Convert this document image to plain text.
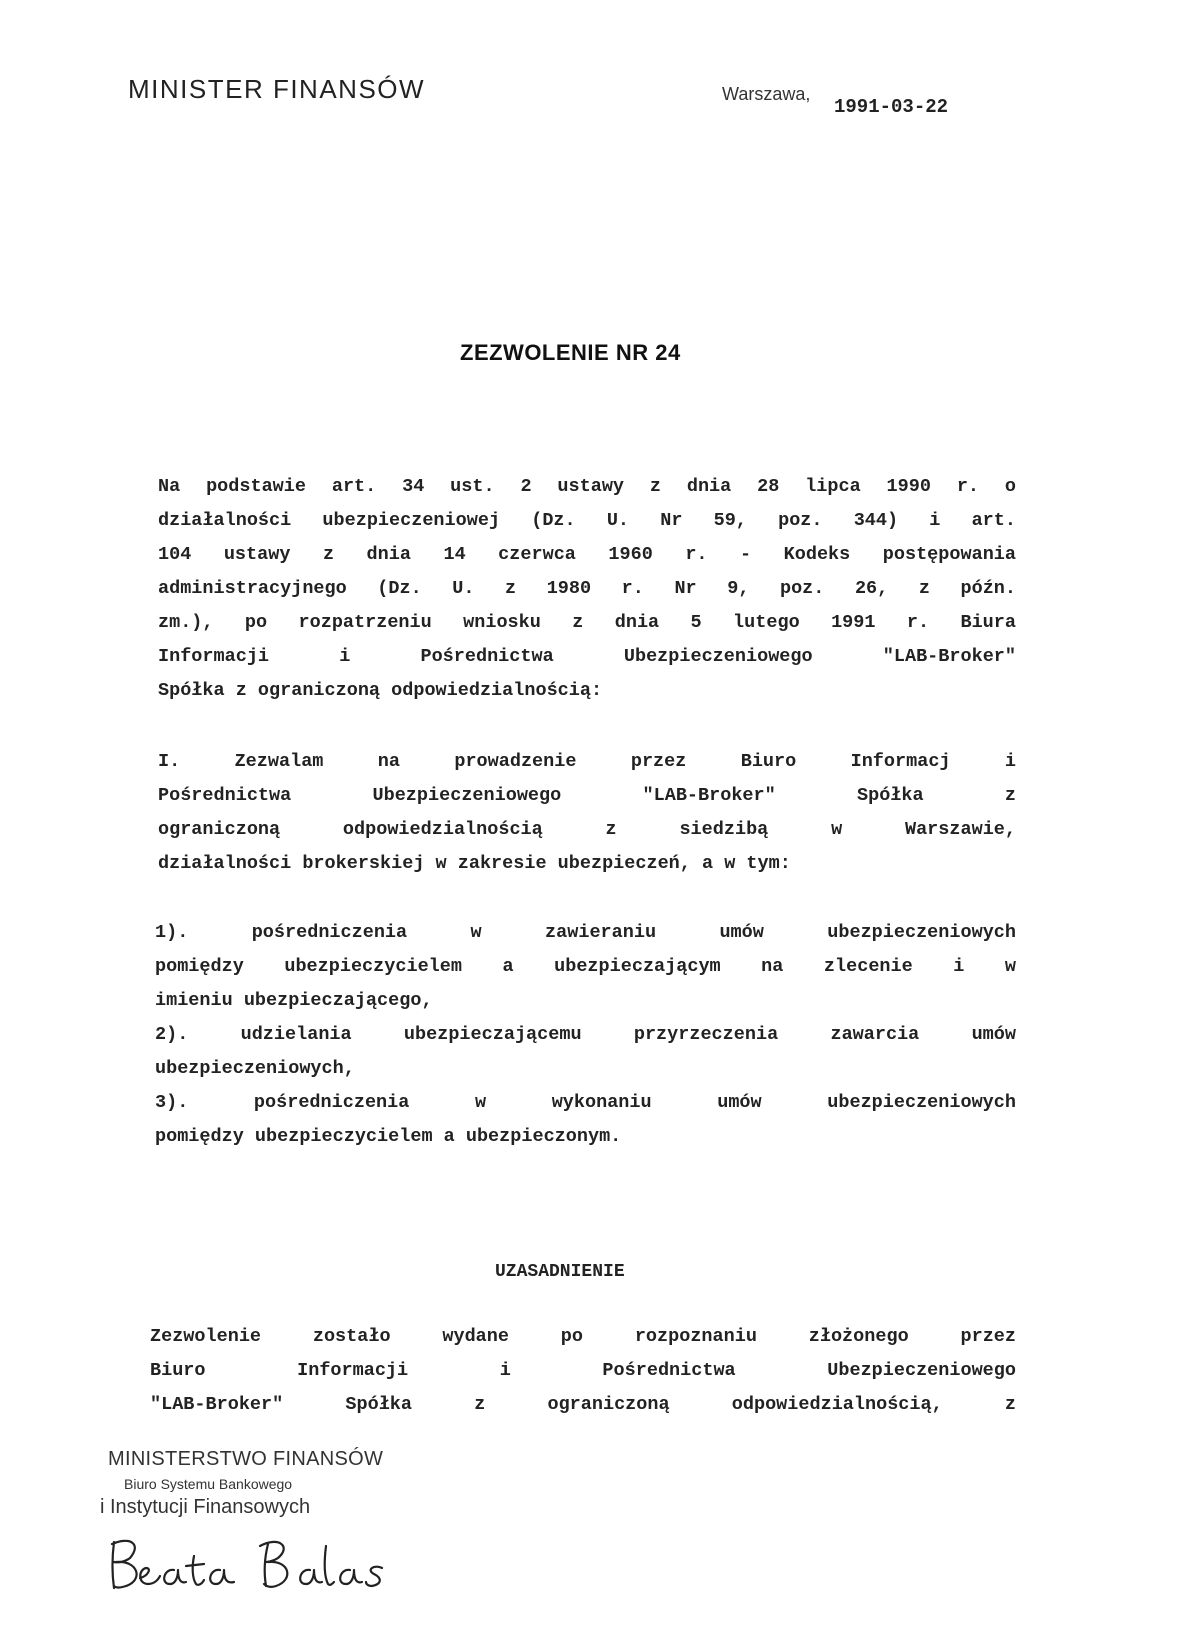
MINISTER FINANSÓW	Warszawa,
1991-03-22
ZEZWOLENIE NR 24
Na podstawie art. 34 ust. 2 ustawy z dnia 28 lipca 1990 r. o
działalności ubezpieczeniowej (Dz. U. Nr 59, poz. 344) i art.
104 ustawy z dnia 14 czerwca 1960 r. - Kodeks postępowania
administracyjnego (Dz. U. z 1980 r. Nr 9, poz. 26, z późn.
zm.), po rozpatrzeniu wniosku z dnia 5 lutego 1991 r. Biura
Informacji i Pośrednictwa Ubezpieczeniowego "LAB-Broker"
Spółka z ograniczoną odpowiedzialnością:
I. Zezwalam na prowadzenie przez Biuro Informacj i
Pośrednictwa Ubezpieczeniowego "LAB-Broker" Spółka z
ograniczoną odpowiedzialnością z siedzibą w Warszawie,
działalności brokerskiej w zakresie ubezpieczeń, a w tym:
1). pośredniczenia w zawieraniu umów ubezpieczeniowych
pomiędzy ubezpieczycielem a ubezpieczającym na zlecenie i w
imieniu ubezpieczającego,
2). udzielania ubezpieczającemu przyrzeczenia zawarcia umów
ubezpieczeniowych,
3). pośredniczenia w wykonaniu umów ubezpieczeniowych
pomiędzy ubezpieczycielem a ubezpieczonym.
UZASADNIENIE
Zezwolenie zostało wydane po rozpoznaniu złożonego przez
Biuro Informacji i Pośrednictwa Ubezpieczeniowego
"LAB-Broker" Spółka z ograniczoną odpowiedzialnością, z
MINISTERSTWO FINANSÓW
Biuro Systemu Bankowego
i Instytucji Finansowych
